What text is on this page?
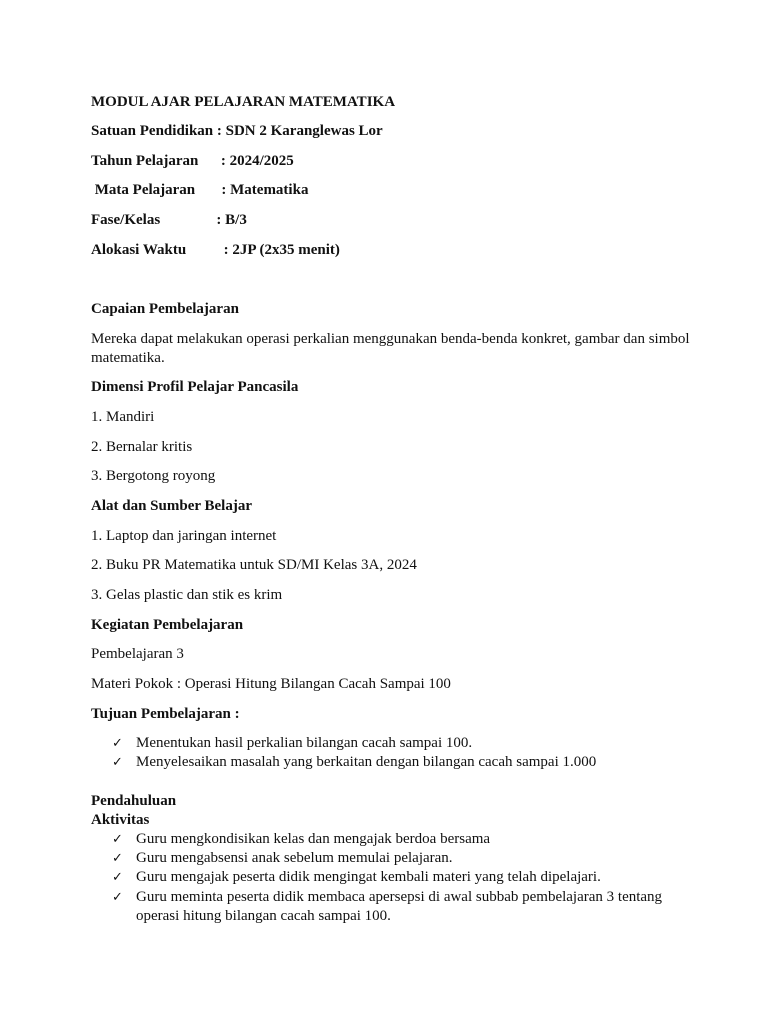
MODUL AJAR PELAJARAN MATEMATIKA
Satuan Pendidikan : SDN 2 Karanglewas Lor
Tahun Pelajaran      : 2024/2025
Mata Pelajaran       : Matematika
Fase/Kelas               : B/3
Alokasi Waktu          : 2JP (2x35 menit)
Capaian Pembelajaran
Mereka dapat melakukan operasi perkalian menggunakan benda-benda konkret, gambar dan simbol matematika.
Dimensi Profil Pelajar Pancasila
1. Mandiri
2. Bernalar kritis
3. Bergotong royong
Alat dan Sumber Belajar
1. Laptop dan jaringan internet
2. Buku PR Matematika untuk SD/MI Kelas 3A, 2024
3. Gelas plastic dan stik es krim
Kegiatan Pembelajaran
Pembelajaran 3
Materi Pokok : Operasi Hitung Bilangan Cacah Sampai 100
Tujuan Pembelajaran :
✓ Menentukan hasil perkalian bilangan cacah sampai 100.
✓ Menyelesaikan masalah yang berkaitan dengan bilangan cacah sampai 1.000
Pendahuluan
Aktivitas
✓ Guru mengkondisikan kelas dan mengajak berdoa bersama
✓ Guru mengabsensi anak sebelum memulai pelajaran.
✓ Guru mengajak peserta didik mengingat kembali materi yang telah dipelajari.
✓ Guru meminta peserta didik membaca apersepsi di awal subbab pembelajaran 3 tentang operasi hitung bilangan cacah sampai 100.
